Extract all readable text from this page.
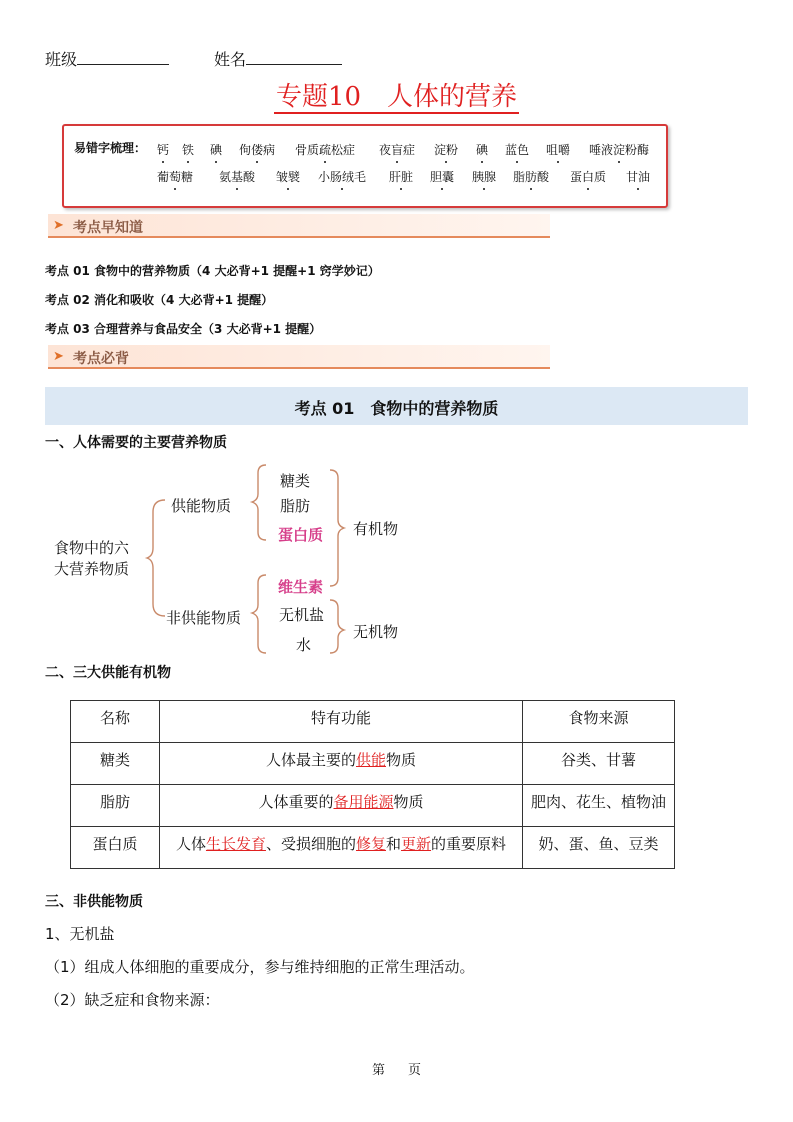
班级	姓名
专题10　人体的营养
易错字梳理： 钙 铁 碘 佝偻病 骨质疏松症 夜盲症 淀粉 碘 蓝色 咀嚼 唾液淀粉酶
葡萄糖 氨基酸 皱襞 小肠绒毛 肝脏 胆囊 胰腺 脂肪酸 蛋白质 甘油
➤ 考点早知道
考点 01 食物中的营养物质（4 大必背+1 提醒+1 窍学妙记）
考点 02 消化和吸收（4 大必背+1 提醒）
考点 03 合理营养与食品安全（3 大必背+1 提醒）
➤ 考点必背
考点 01　食物中的营养物质
一、人体需要的主要营养物质
食物中的六
大营养物质
供能物质
非供能物质
糖类
脂肪
蛋白质
维生素
无机盐
水
有机物
无机物
二、三大供能有机物
名称	特有功能	食物来源
糖类	人体最主要的供能物质	谷类、甘薯
脂肪	人体重要的备用能源物质	肥肉、花生、植物油
蛋白质	人体生长发育、受损细胞的修复和更新的重要原料	奶、蛋、鱼、豆类
三、非供能物质
1、无机盐
（1）组成人体细胞的重要成分，参与维持细胞的正常生理活动。
（2）缺乏症和食物来源：
第 页
